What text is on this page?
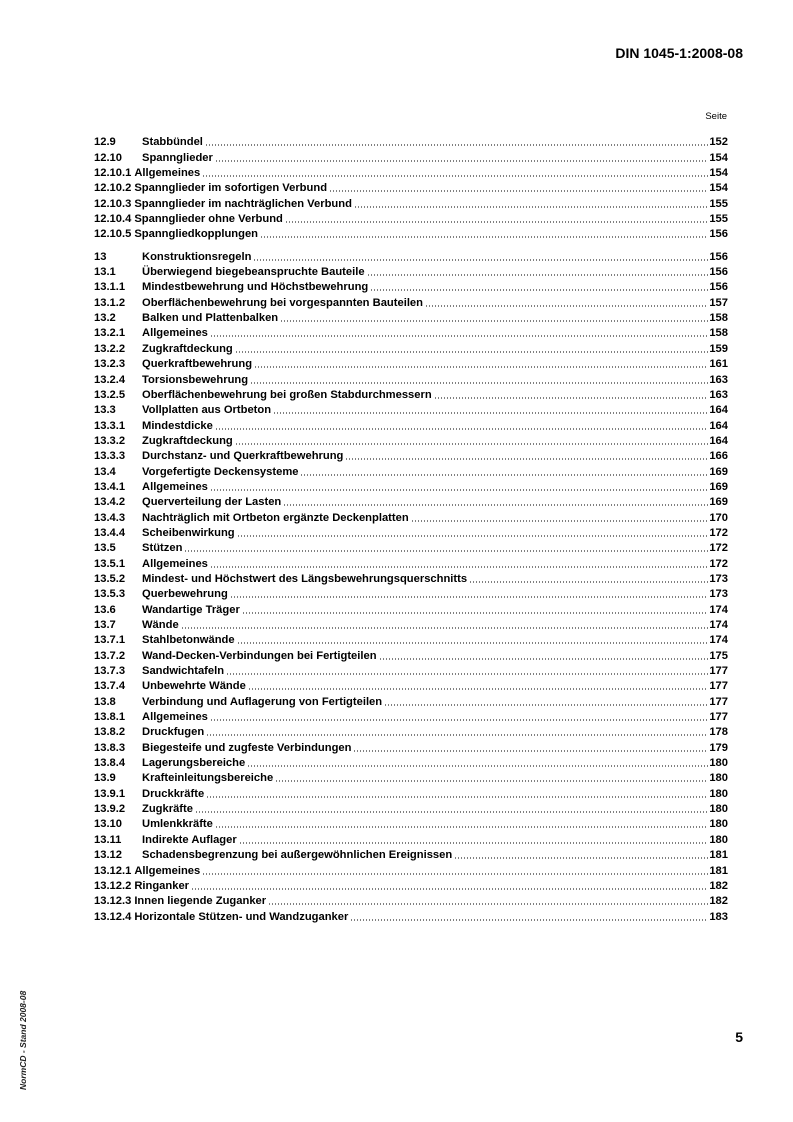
DIN 1045-1:2008-08
Seite
12.9	Stabbündel	152
12.10	Spannglieder	154
12.10.1 Allgemeines	154
12.10.2 Spannglieder im sofortigen Verbund	154
12.10.3 Spannglieder im nachträglichen Verbund	155
12.10.4 Spannglieder ohne Verbund	155
12.10.5 Spanngliedkopplungen	156
13	Konstruktionsregeln	156
13.1	Überwiegend biegebeanspruchte Bauteile	156
13.1.1	Mindestbewehrung und Höchstbewehrung	156
13.1.2	Oberflächenbewehrung bei vorgespannten Bauteilen	157
13.2	Balken und Plattenbalken	158
13.2.1	Allgemeines	158
13.2.2	Zugkraftdeckung	159
13.2.3	Querkraftbewehrung	161
13.2.4	Torsionsbewehrung	163
13.2.5	Oberflächenbewehrung bei großen Stabdurchmessern	163
13.3	Vollplatten aus Ortbeton	164
13.3.1	Mindestdicke	164
13.3.2	Zugkraftdeckung	164
13.3.3	Durchstanz- und Querkraftbewehrung	166
13.4	Vorgefertigte Deckensysteme	169
13.4.1	Allgemeines	169
13.4.2	Querverteilung der Lasten	169
13.4.3	Nachträglich mit Ortbeton ergänzte Deckenplatten	170
13.4.4	Scheibenwirkung	172
13.5	Stützen	172
13.5.1	Allgemeines	172
13.5.2	Mindest- und Höchstwert des Längsbewehrungsquerschnitts	173
13.5.3	Querbewehrung	173
13.6	Wandartige Träger	174
13.7	Wände	174
13.7.1	Stahlbetonwände	174
13.7.2	Wand-Decken-Verbindungen bei Fertigteilen	175
13.7.3	Sandwichtafeln	177
13.7.4	Unbewehrte Wände	177
13.8	Verbindung und Auflagerung von Fertigteilen	177
13.8.1	Allgemeines	177
13.8.2	Druckfugen	178
13.8.3	Biegesteife und zugfeste Verbindungen	179
13.8.4	Lagerungsbereiche	180
13.9	Krafteinleitungsbereiche	180
13.9.1	Druckkräfte	180
13.9.2	Zugkräfte	180
13.10	Umlenkkräfte	180
13.11	Indirekte Auflager	180
13.12	Schadensbegrenzung bei außergewöhnlichen Ereignissen	181
13.12.1 Allgemeines	181
13.12.2 Ringanker	182
13.12.3 Innen liegende Zuganker	182
13.12.4 Horizontale Stützen- und Wandzuganker	183
5
NormCD - Stand 2008-08
